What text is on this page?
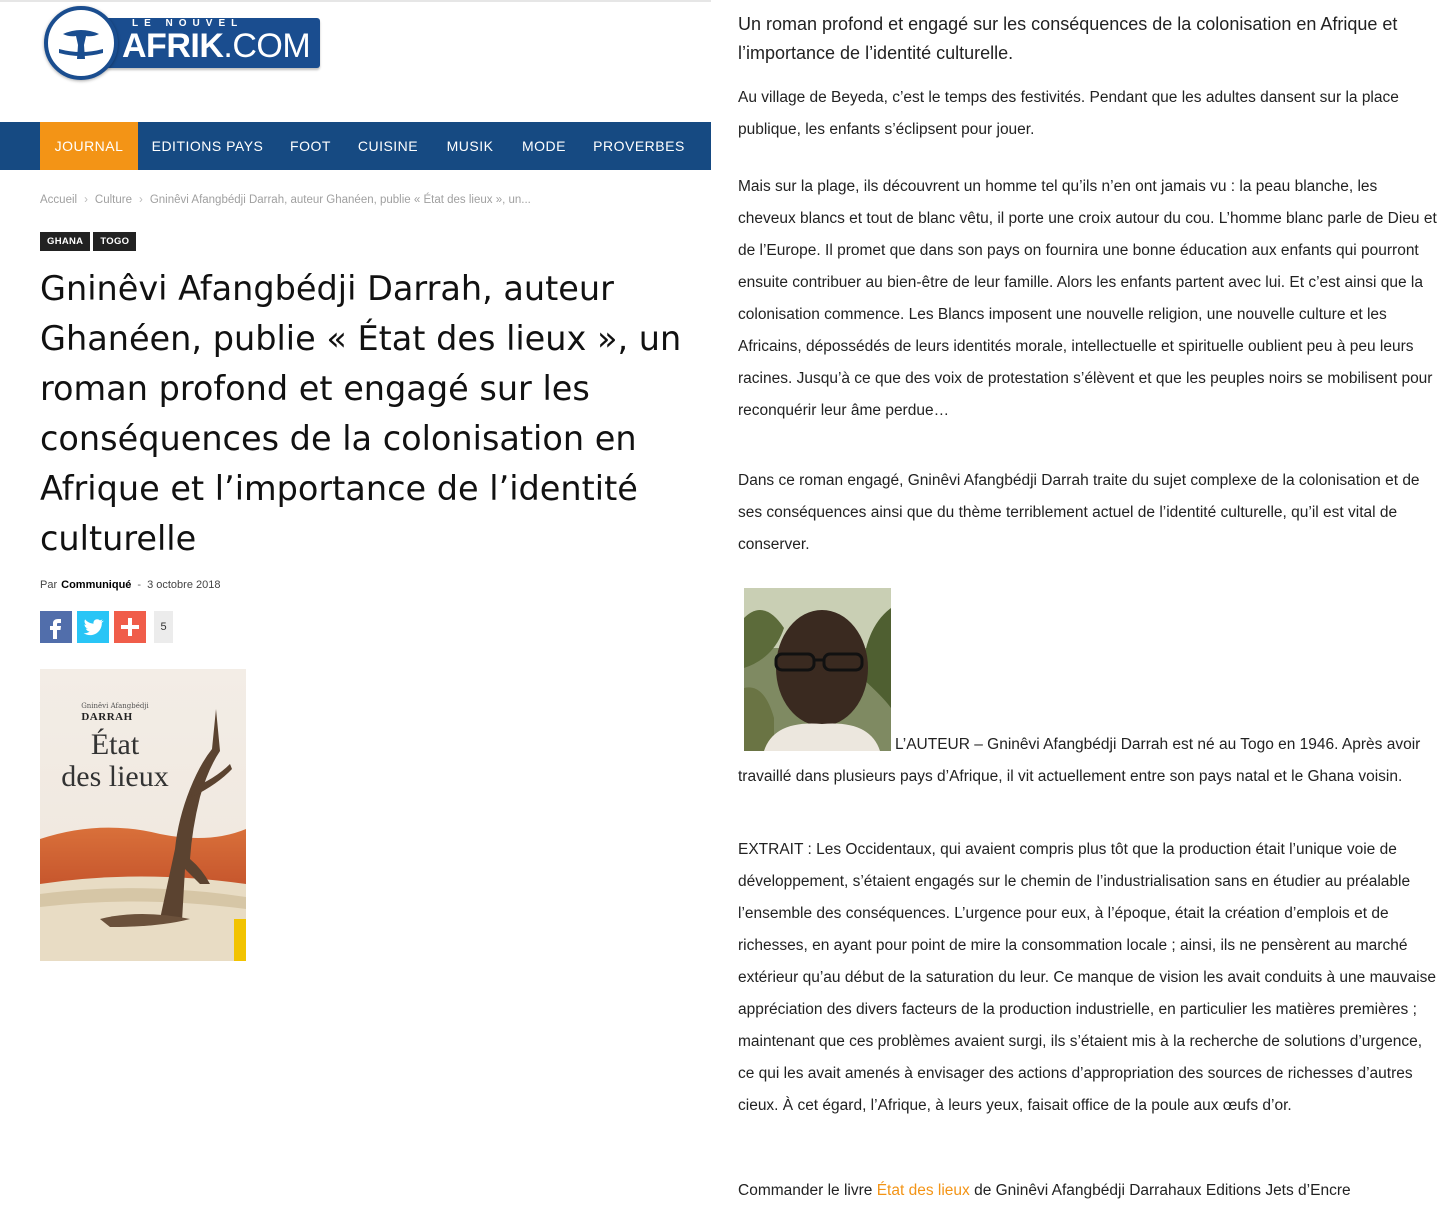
LE NOUVEL
AFRIK.COM
JOURNAL	EDITIONS PAYS	FOOT	CUISINE	MUSIK	MODE	PROVERBES
Accueil › Culture › Gninêvi Afangbédji Darrah, auteur Ghanéen, publie « État des lieux », un...
GHANA TOGO
Gninêvi Afangbédji Darrah, auteur Ghanéen, publie « État des lieux », un roman profond et engagé sur les conséquences de la colonisation en Afrique et l’importance de l’identité culturelle
Par Communiqué - 3 octobre 2018
5
Gninêvi Afangbédji
DARRAH
État
des lieux

Un roman profond et engagé sur les conséquences de la colonisation en Afrique et l’importance de l’identité culturelle.

Au village de Beyeda, c’est le temps des festivités. Pendant que les adultes dansent sur la place publique, les enfants s’éclipsent pour jouer.

Mais sur la plage, ils découvrent un homme tel qu’ils n’en ont jamais vu : la peau blanche, les cheveux blancs et tout de blanc vêtu, il porte une croix autour du cou. L’homme blanc parle de Dieu et de l’Europe. Il promet que dans son pays on fournira une bonne éducation aux enfants qui pourront ensuite contribuer au bien-être de leur famille. Alors les enfants partent avec lui. Et c’est ainsi que la colonisation commence. Les Blancs imposent une nouvelle religion, une nouvelle culture et les Africains, dépossédés de leurs identités morale, intellectuelle et spirituelle oublient peu à peu leurs racines. Jusqu’à ce que des voix de protestation s’élèvent et que les peuples noirs se mobilisent pour reconquérir leur âme perdue…

Dans ce roman engagé, Gninêvi Afangbédji Darrah traite du sujet complexe de la colonisation et de ses conséquences ainsi que du thème terriblement actuel de l’identité culturelle, qu’il est vital de conserver.

L’AUTEUR – Gninêvi Afangbédji Darrah est né au Togo en 1946. Après avoir travaillé dans plusieurs pays d’Afrique, il vit actuellement entre son pays natal et le Ghana voisin.

EXTRAIT : Les Occidentaux, qui avaient compris plus tôt que la production était l’unique voie de développement, s’étaient engagés sur le chemin de l’industrialisation sans en étudier au préalable l’ensemble des conséquences. L’urgence pour eux, à l’époque, était la création d’emplois et de richesses, en ayant pour point de mire la consommation locale ; ainsi, ils ne pensèrent au marché extérieur qu’au début de la saturation du leur. Ce manque de vision les avait conduits à une mauvaise appréciation des divers facteurs de la production industrielle, en particulier les matières premières ; maintenant que ces problèmes avaient surgi, ils s’étaient mis à la recherche de solutions d’urgence, ce qui les avait amenés à envisager des actions d’appropriation des sources de richesses d’autres cieux. À cet égard, l’Afrique, à leurs yeux, faisait office de la poule aux œufs d’or.

Commander le livre État des lieux de Gninêvi Afangbédji Darrahaux Editions Jets d’Encre
